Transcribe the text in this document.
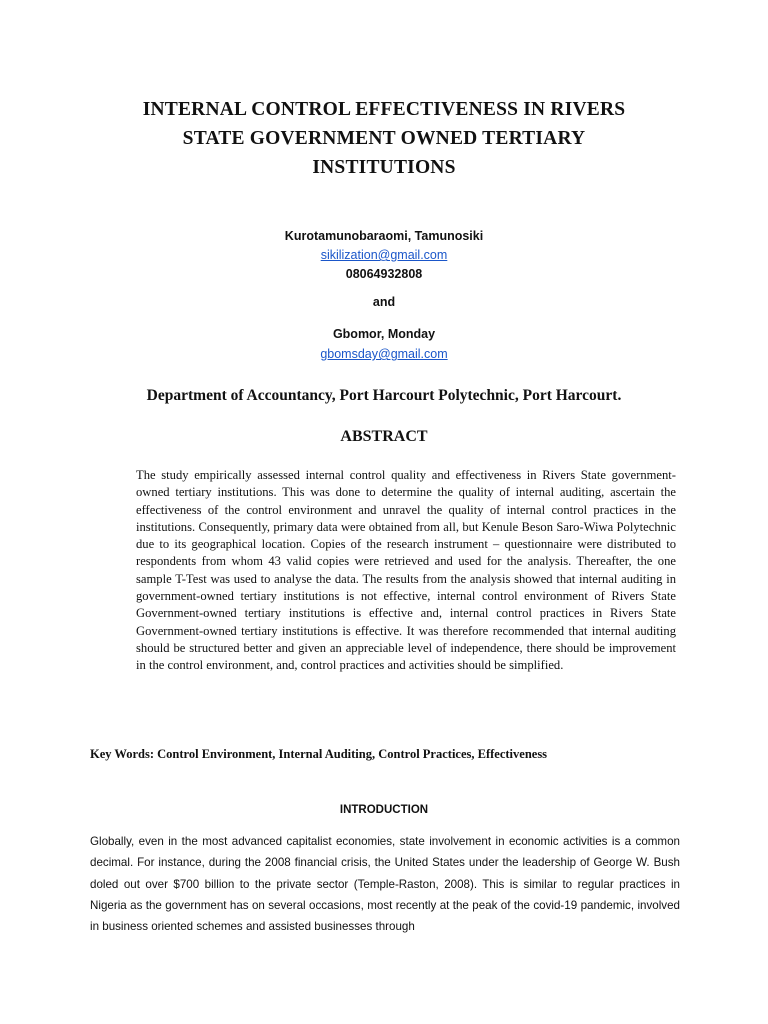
INTERNAL CONTROL EFFECTIVENESS IN RIVERS
STATE GOVERNMENT OWNED TERTIARY
INSTITUTIONS
Kurotamunobaraomi, Tamunosiki
sikilization@gmail.com
08064932808
and
Gbomor, Monday
gbomsday@gmail.com
Department of Accountancy, Port Harcourt Polytechnic, Port Harcourt.
ABSTRACT

The study empirically assessed internal control quality and effectiveness in Rivers State government-owned tertiary institutions. This was done to determine the quality of internal auditing, ascertain the effectiveness of the control environment and unravel the quality of internal control practices in the institutions. Consequently, primary data were obtained from all, but Kenule Beson Saro-Wiwa Polytechnic due to its geographical location. Copies of the research instrument – questionnaire were distributed to respondents from whom 43 valid copies were retrieved and used for the analysis. Thereafter, the one sample T-Test was used to analyse the data. The results from the analysis showed that internal auditing in government-owned tertiary institutions is not effective, internal control environment of Rivers State Government-owned tertiary institutions is effective and, internal control practices in Rivers State Government-owned tertiary institutions is effective. It was therefore recommended that internal auditing should be structured better and given an appreciable level of independence, there should be improvement in the control environment, and, control practices and activities should be simplified.

Key Words: Control Environment, Internal Auditing, Control Practices, Effectiveness
INTRODUCTION

Globally, even in the most advanced capitalist economies, state involvement in economic activities is a common decimal. For instance, during the 2008 financial crisis, the United States under the leadership of George W. Bush doled out over $700 billion to the private sector (Temple-Raston, 2008). This is similar to regular practices in Nigeria as the government has on several occasions, most recently at the peak of the covid-19 pandemic, involved in business oriented schemes and assisted businesses through
